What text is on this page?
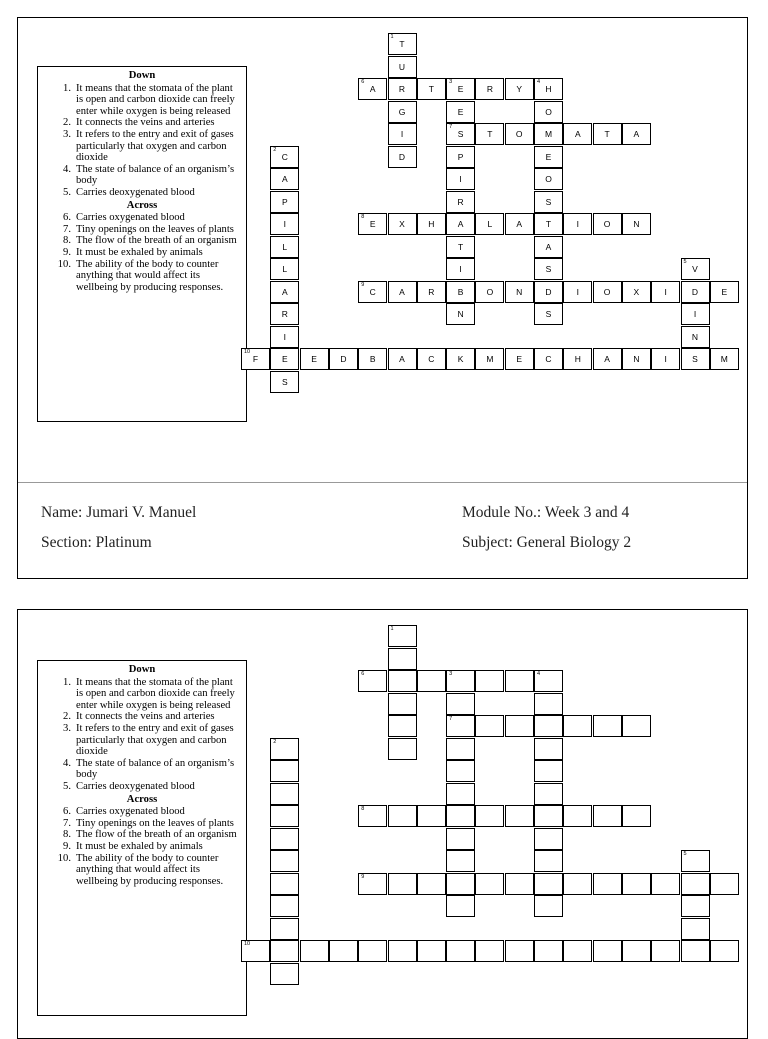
Down
1. It means that the stomata of the plant is open and carbon dioxide can freely enter while oxygen is being released
2. It connects the veins and arteries
3. It refers to the entry and exit of gases particularly that oxygen and carbon dioxide
4. The state of balance of an organism’s body
5. Carries deoxygenated blood
Across
6. Carries oxygenated blood
7. Tiny openings on the leaves of plants
8. The flow of the breath of an organism
9. It must be exhaled by animals
10. The ability of the body to counter anything that would affect its wellbeing by producing responses.
1
T
U
R
G
I
D
2
C
A
P
I
L
L
A
R
I
E
S
3
E
E
7
S
P
I
R
A
T
I
B
N
4
H
O
M
E
O
S
T
A
S
D
S
5
V
D
I
N
S
6
A	T	R	Y
T	O	A	T	A
8
E	X	H	L	A	I	O	N
9
C	A	R	O	N	I	O	X	I	E
10
F	E	D	B	A	C	K	M	E	C	H	A	N	I	M
Name: Jumari V. Manuel
Section: Platinum
Module No.: Week 3 and 4
Subject: General Biology 2
Down
1. It means that the stomata of the plant is open and carbon dioxide can freely enter while oxygen is being released
2. It connects the veins and arteries
3. It refers to the entry and exit of gases particularly that oxygen and carbon dioxide
4. The state of balance of an organism’s body
5. Carries deoxygenated blood
Across
6. Carries oxygenated blood
7. Tiny openings on the leaves of plants
8. The flow of the breath of an organism
9. It must be exhaled by animals
10. The ability of the body to counter anything that would affect its wellbeing by producing responses.
1
2
3
7
4
5
6
8
9
10
